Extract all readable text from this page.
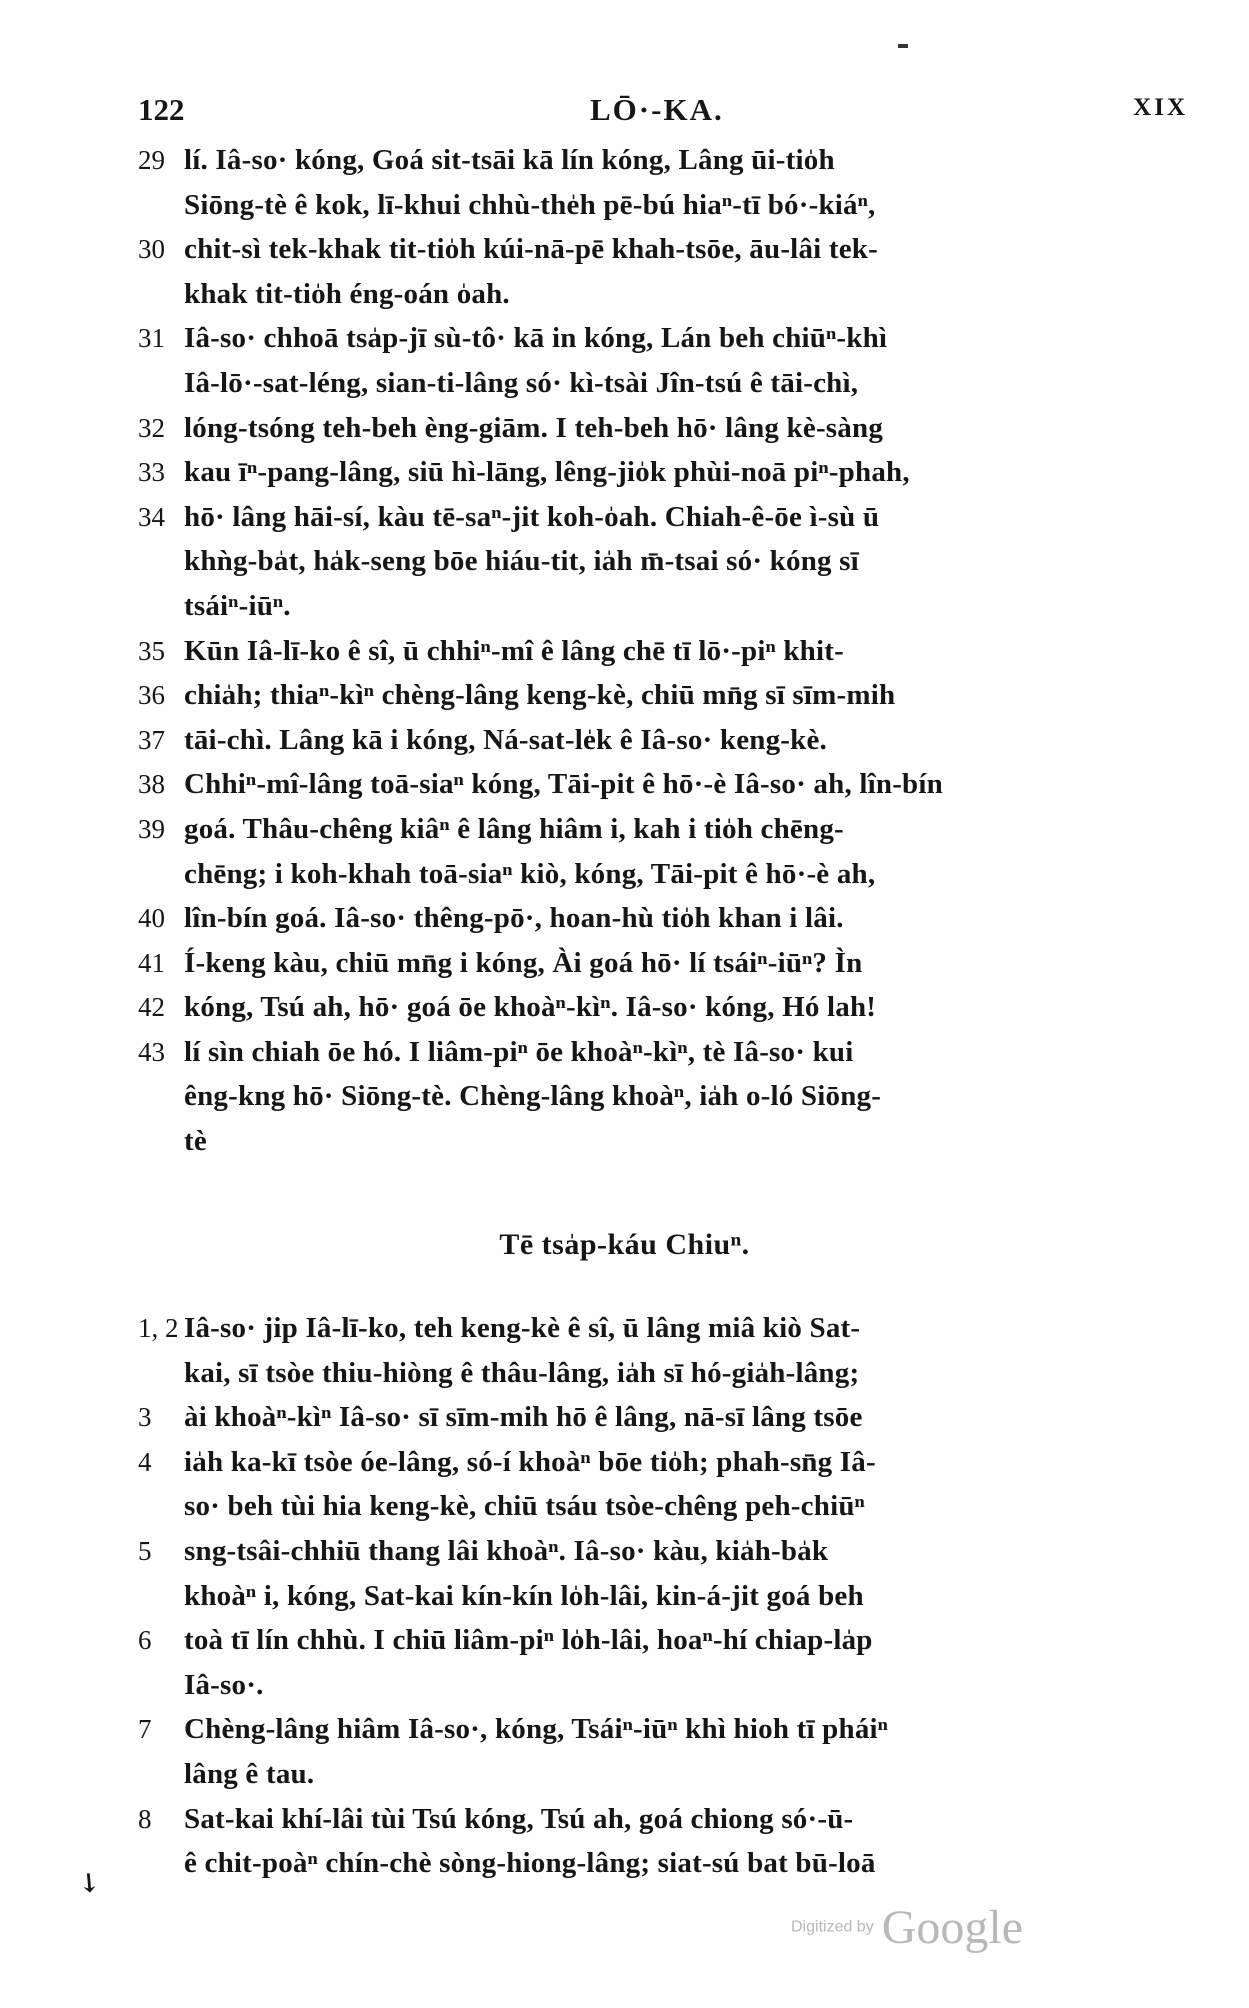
122	LŌ·-KA.	XIX
29 lí. Iâ-so· kóng, Goá sit-tsāi kā lín kóng, Lâng ūi-tio̍h
Siōng-tè ê kok, lī-khui chhù-the̍h pē-bú hiaⁿ-tī bó·-kiáⁿ,
30 chit-sì tek-khak tit-tio̍h kúi-nā-pē khah-tsōe, āu-lâi tek-
khak tit-tio̍h éng-oán o̍ah.
31 Iâ-so· chhoā tsa̍p-jī sù-tô· kā in kóng, Lán beh chiūⁿ-khì
Iâ-lō·-sat-léng, sian-ti-lâng só· kì-tsài Jîn-tsú ê tāi-chì,
32 lóng-tsóng teh-beh èng-giām. I teh-beh hō· lâng kè-sàng
33 kau īⁿ-pang-lâng, siū hì-lāng, lêng-jio̍k phùi-noā piⁿ-phah,
34 hō· lâng hāi-sí, kàu tē-saⁿ-jit koh-o̍ah. Chiah-ê-ōe ì-sù ū
khǹg-ba̍t, ha̍k-seng bōe hiáu-tit, ia̍h m̄-tsai só· kóng sī
tsáiⁿ-iūⁿ.
35 Kūn Iâ-lī-ko ê sî, ū chhiⁿ-mî ê lâng chē tī lō·-piⁿ khit-
36 chia̍h; thiaⁿ-kìⁿ chèng-lâng keng-kè, chiū mn̄g sī sīm-mih
37 tāi-chì. Lâng kā i kóng, Ná-sat-le̍k ê Iâ-so· keng-kè.
38 Chhiⁿ-mî-lâng toā-siaⁿ kóng, Tāi-pit ê hō·-è Iâ-so· ah, lîn-bín
39 goá. Thâu-chêng kiâⁿ ê lâng hiâm i, kah i tio̍h chēng-
chēng; i koh-khah toā-siaⁿ kiò, kóng, Tāi-pit ê hō·-è ah,
40 lîn-bín goá. Iâ-so· thêng-pō·, hoan-hù tio̍h khan i lâi.
41 Í-keng kàu, chiū mn̄g i kóng, Ài goá hō· lí tsáiⁿ-iūⁿ? Ìn
42 kóng, Tsú ah, hō· goá ōe khoàⁿ-kìⁿ. Iâ-so· kóng, Hó lah!
43 lí sìn chiah ōe hó. I liâm-piⁿ ōe khoàⁿ-kìⁿ, tè Iâ-so· kui
êng-kng hō· Siōng-tè. Chèng-lâng khoàⁿ, ia̍h o-ló Siōng-
tè
Tē tsa̍p-káu Chiuⁿ.
1, 2 Iâ-so· jip Iâ-lī-ko, teh keng-kè ê sî, ū lâng miâ kiò Sat-
kai, sī tsòe thiu-hiòng ê thâu-lâng, ia̍h sī hó-gia̍h-lâng;
3 ài khoàⁿ-kìⁿ Iâ-so· sī sīm-mih hō ê lâng, nā-sī lâng tsōe
4 ia̍h ka-kī tsòe óe-lâng, só-í khoàⁿ bōe tio̍h; phah-sn̄g Iâ-
so· beh tùi hia keng-kè, chiū tsáu tsòe-chêng peh-chiūⁿ
5 sng-tsâi-chhiū thang lâi khoàⁿ. Iâ-so· kàu, kia̍h-ba̍k
khoàⁿ i, kóng, Sat-kai kín-kín lo̍h-lâi, kin-á-jit goá beh
6 toà tī lín chhù. I chiū liâm-piⁿ lo̍h-lâi, hoaⁿ-hí chiap-la̍p
Iâ-so·.
7 Chèng-lâng hiâm Iâ-so·, kóng, Tsáiⁿ-iūⁿ khì hioh tī pháiⁿ
lâng ê tau.
8 Sat-kai khí-lâi tùi Tsú kóng, Tsú ah, goá chiong só·-ū-
ê chit-poàⁿ chín-chè sòng-hiong-lâng; siat-sú bat bū-loā
↘
Digitized by Google
